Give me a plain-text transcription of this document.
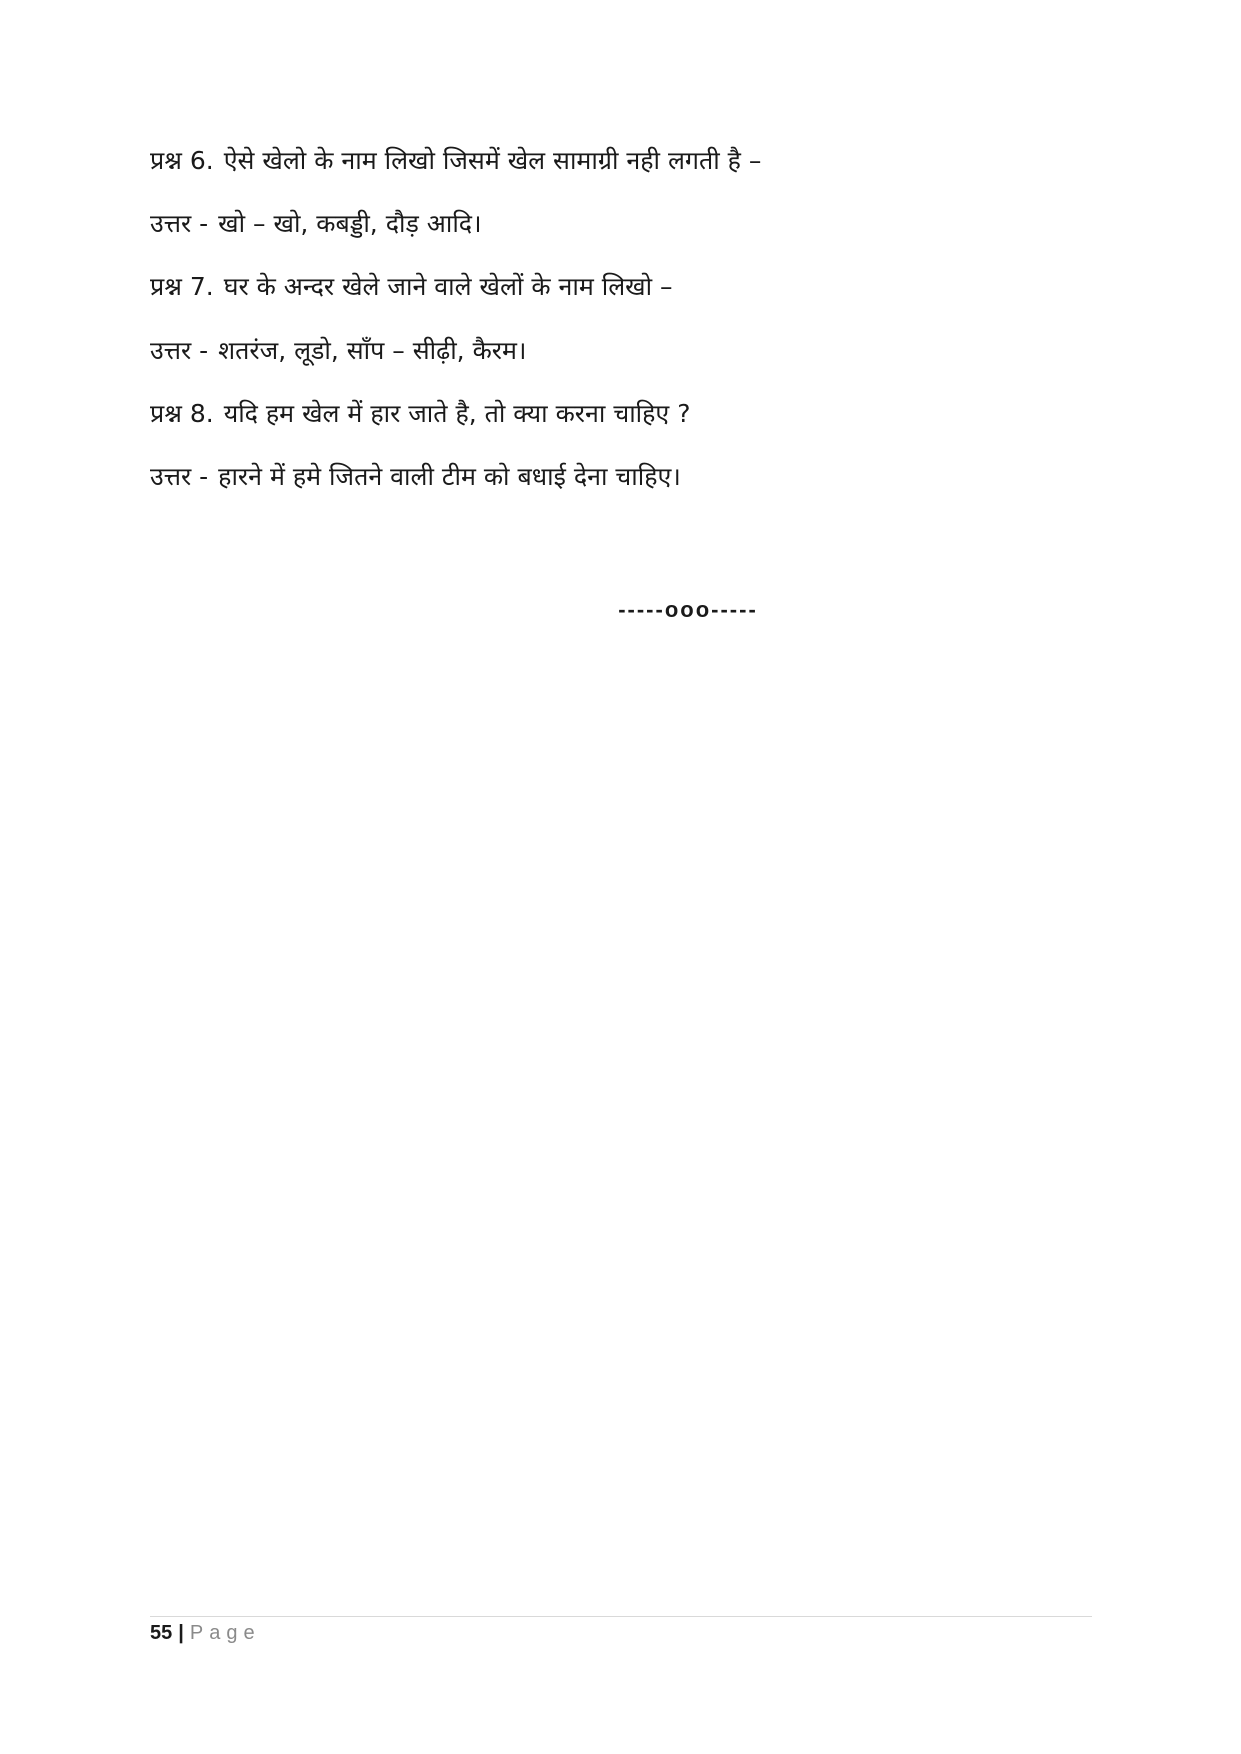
प्रश्न 6. ऐसे खेलो के नाम लिखो जिसमें खेल सामाग्री नही लगती है –
उत्तर - खो – खो, कबड्डी, दौड़ आदि।
प्रश्न 7. घर के अन्दर खेले जाने वाले खेलों के नाम लिखो –
उत्तर - शतरंज, लूडो, साँप – सीढ़ी, कैरम।
प्रश्न 8. यदि हम खेल में हार जाते है, तो क्या करना चाहिए ?
उत्तर - हारने में हमे जितने वाली टीम को बधाई देना चाहिए।
-----ooo-----
55 | Page
